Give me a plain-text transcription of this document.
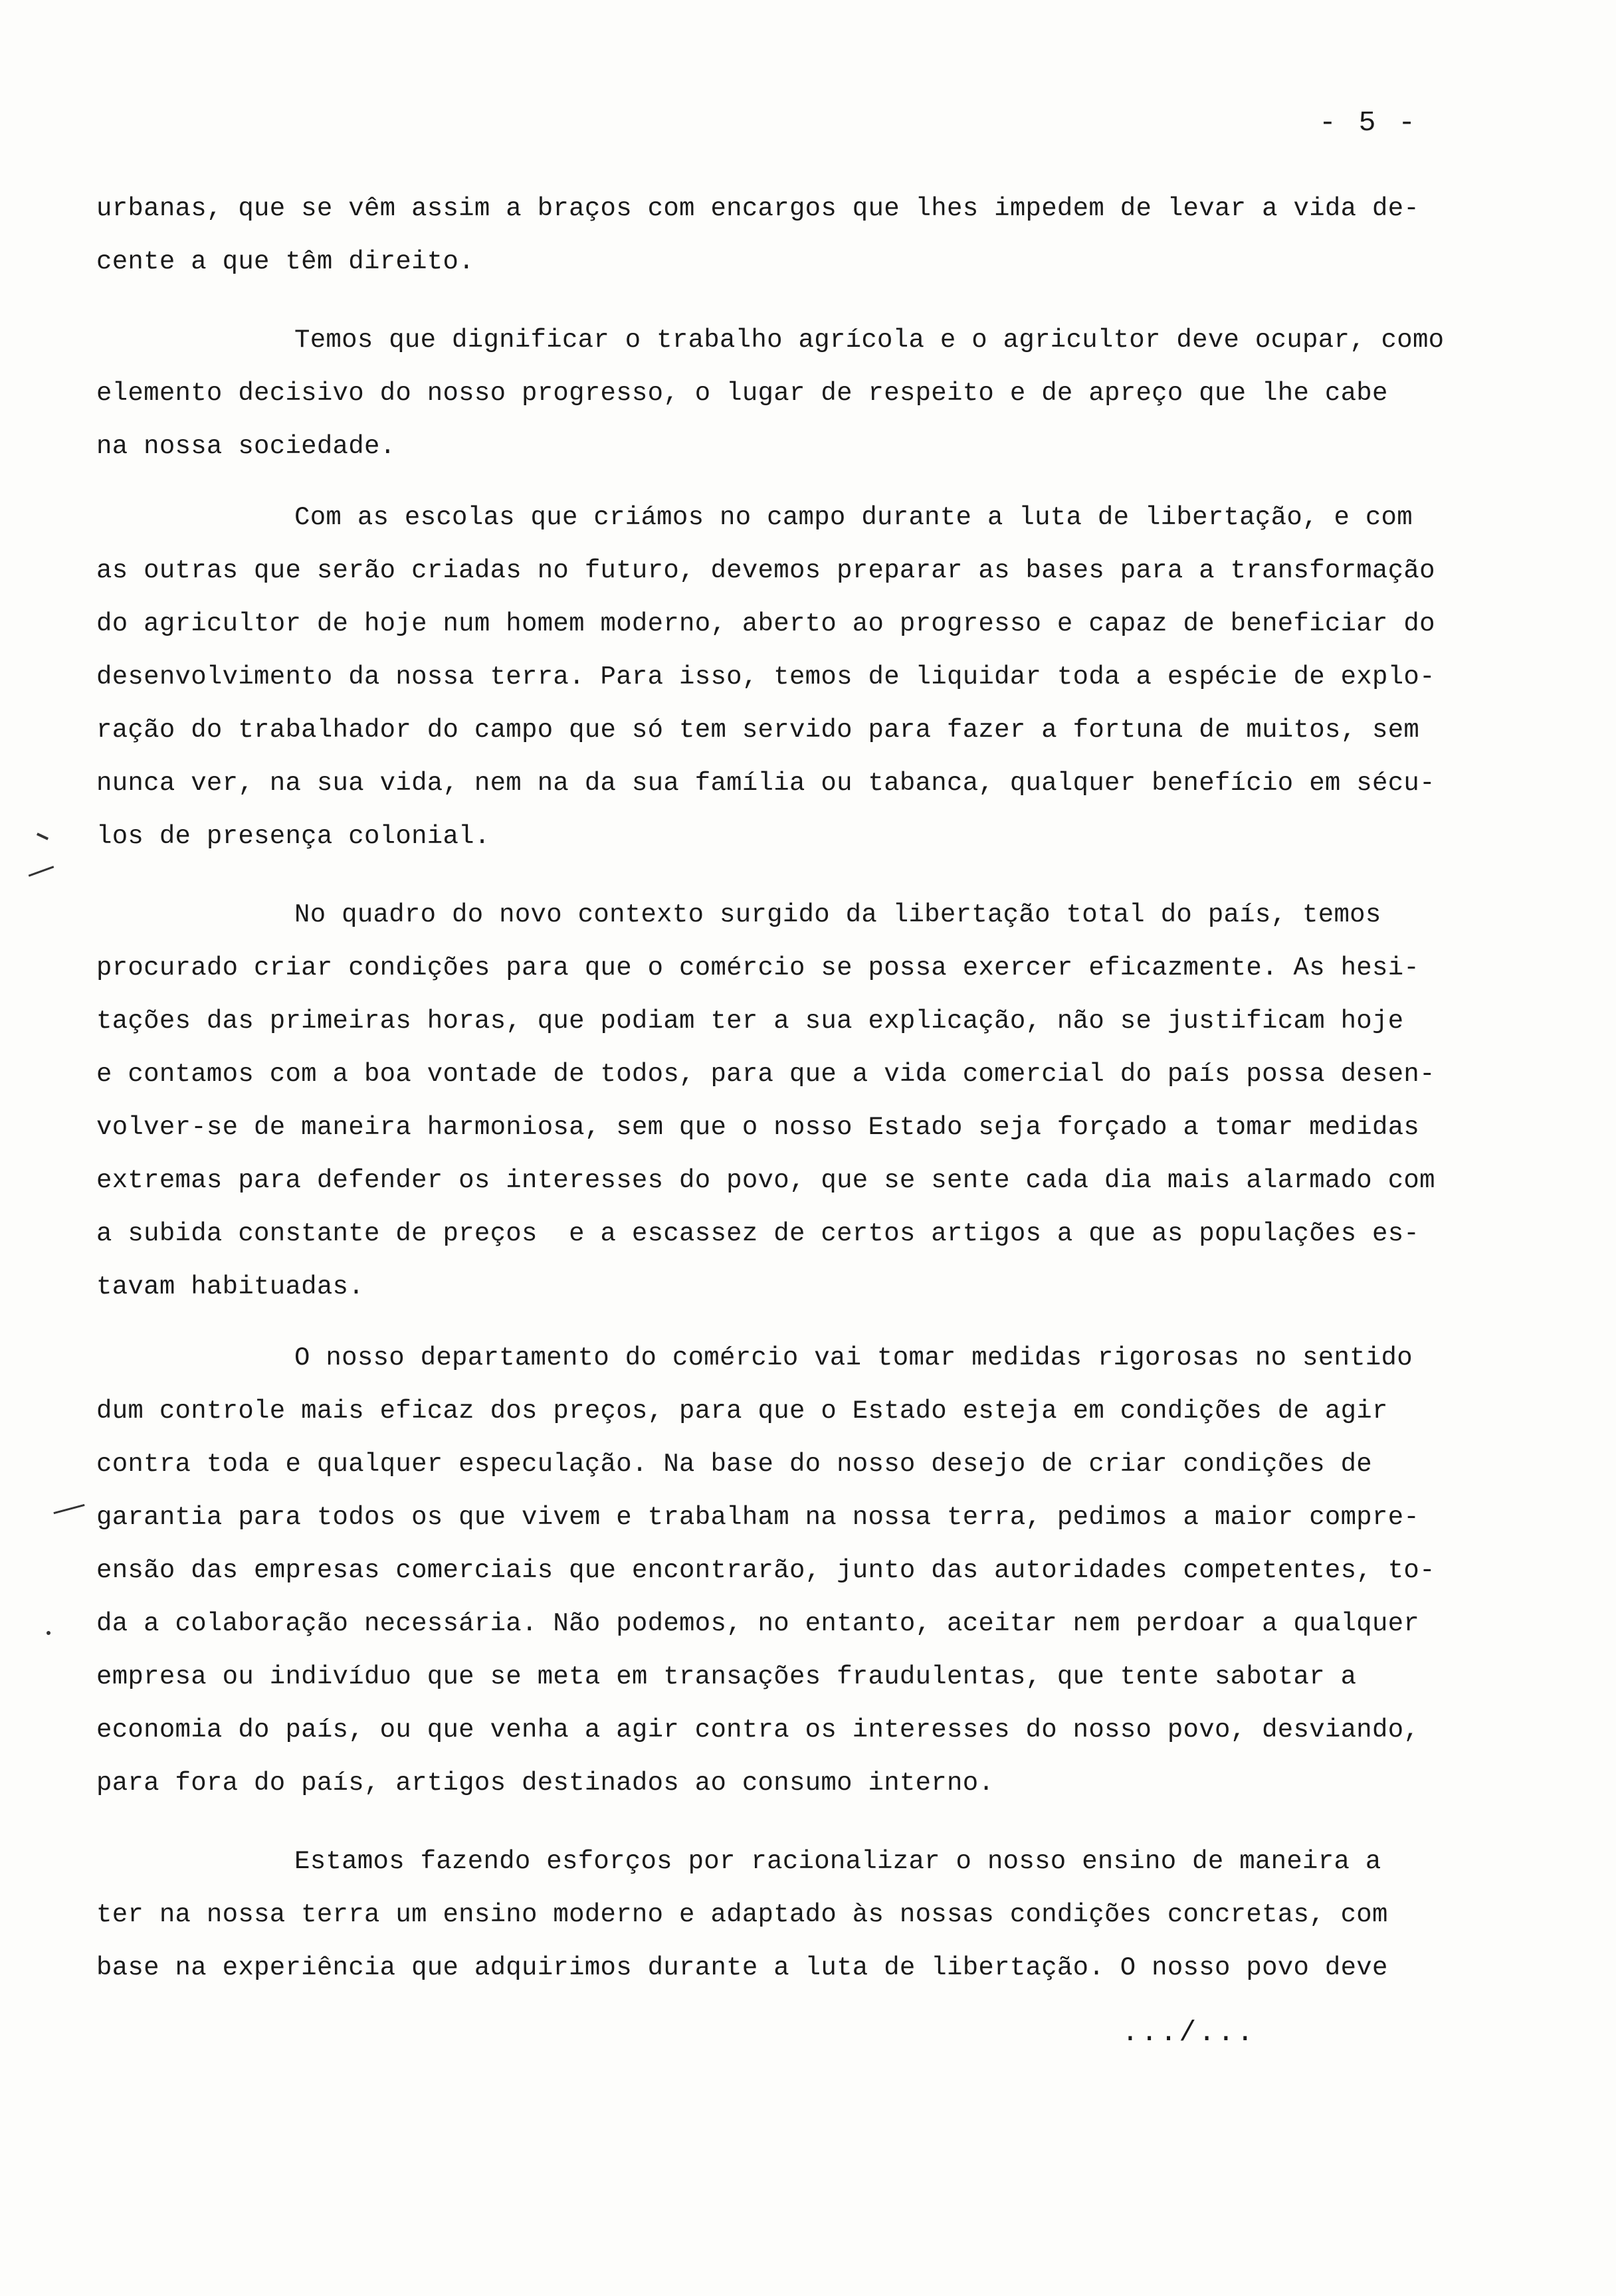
- 5 -
urbanas, que se vêm assim a braços com encargos que lhes impedem de levar a vida de-
cente a que têm direito.
Temos que dignificar o trabalho agrícola e o agricultor deve ocupar, como
elemento decisivo do nosso progresso, o lugar de respeito e de apreço que lhe cabe
na nossa sociedade.
Com as escolas que criámos no campo durante a luta de libertação, e com
as outras que serão criadas no futuro, devemos preparar as bases para a transformação
do agricultor de hoje num homem moderno, aberto ao progresso e capaz de beneficiar do
desenvolvimento da nossa terra. Para isso, temos de liquidar toda a espécie de explo-
ração do trabalhador do campo que só tem servido para fazer a fortuna de muitos, sem
nunca ver, na sua vida, nem na da sua família ou tabanca, qualquer benefício em sécu-
los de presença colonial.
No quadro do novo contexto surgido da libertação total do país, temos
procurado criar condições para que o comércio se possa exercer eficazmente. As hesi-
tações das primeiras horas, que podiam ter a sua explicação, não se justificam hoje
e contamos com a boa vontade de todos, para que a vida comercial do país possa desen-
volver-se de maneira harmoniosa, sem que o nosso Estado seja forçado a tomar medidas
extremas para defender os interesses do povo, que se sente cada dia mais alarmado com
a subida constante de preços  e a escassez de certos artigos a que as populações es-
tavam habituadas.
O nosso departamento do comércio vai tomar medidas rigorosas no sentido
dum controle mais eficaz dos preços, para que o Estado esteja em condições de agir
contra toda e qualquer especulação. Na base do nosso desejo de criar condições de
garantia para todos os que vivem e trabalham na nossa terra, pedimos a maior compre-
ensão das empresas comerciais que encontrarão, junto das autoridades competentes, to-
da a colaboração necessária. Não podemos, no entanto, aceitar nem perdoar a qualquer
empresa ou indivíduo que se meta em transações fraudulentas, que tente sabotar a
economia do país, ou que venha a agir contra os interesses do nosso povo, desviando,
para fora do país, artigos destinados ao consumo interno.
Estamos fazendo esforços por racionalizar o nosso ensino de maneira a
ter na nossa terra um ensino moderno e adaptado às nossas condições concretas, com
base na experiência que adquirimos durante a luta de libertação. O nosso povo deve
.../...
